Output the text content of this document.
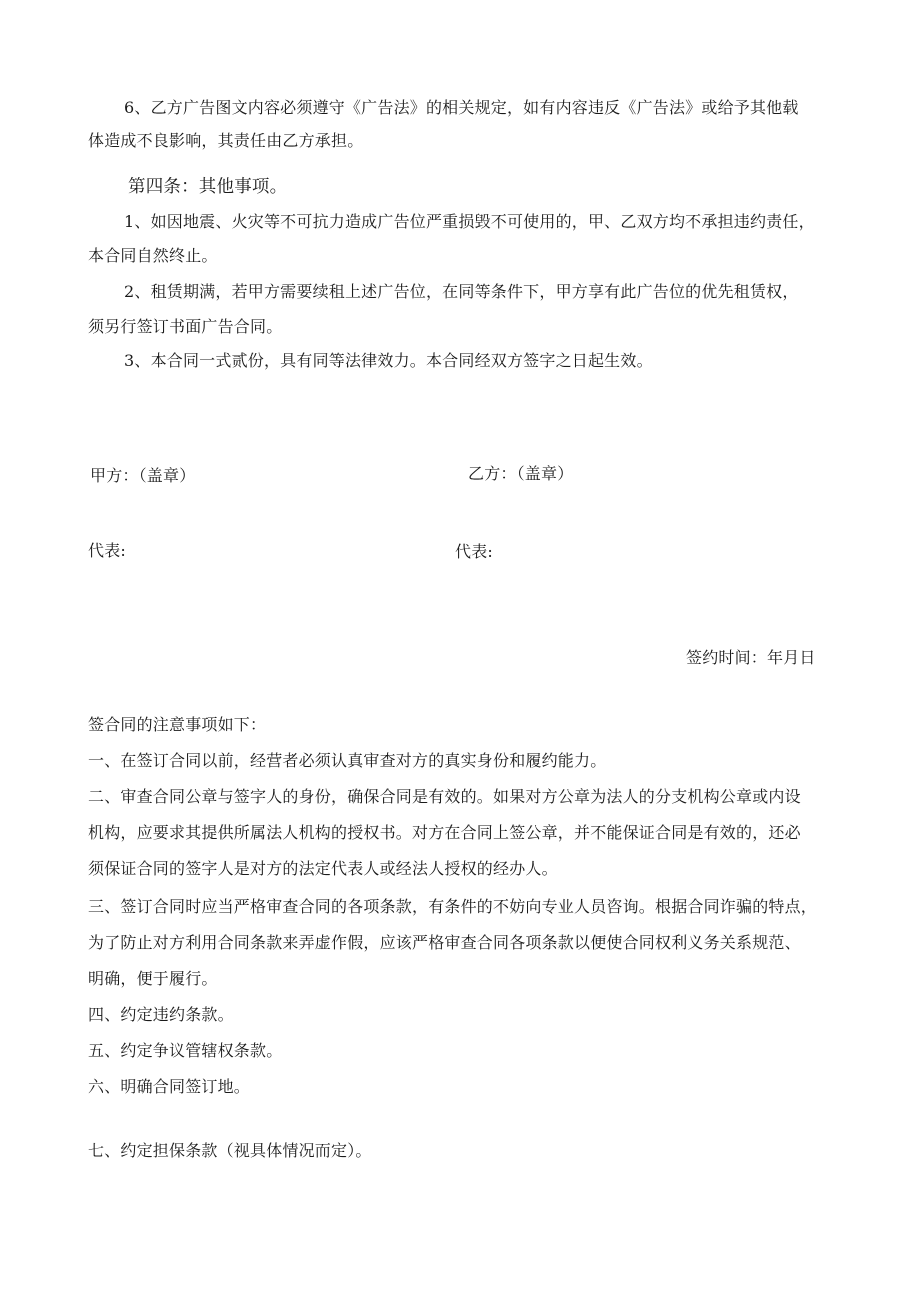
6、乙方广告图文内容必须遵守《广告法》的相关规定，如有内容违反《广告法》或给予其他载
体造成不良影响，其责任由乙方承担。
第四条：其他事项。
1、如因地震、火灾等不可抗力造成广告位严重损毁不可使用的，甲、乙双方均不承担违约责任，
本合同自然终止。
2、租赁期满，若甲方需要续租上述广告位，在同等条件下，甲方享有此广告位的优先租赁权，
须另行签订书面广告合同。
3、本合同一式贰份，具有同等法律效力。本合同经双方签字之日起生效。
甲方：（盖章）	乙方：（盖章）
代表:	代表:
签约时间：年月日
签合同的注意事项如下：
一、在签订合同以前，经营者必须认真审查对方的真实身份和履约能力。
二、审查合同公章与签字人的身份，确保合同是有效的。如果对方公章为法人的分支机构公章或内设
机构，应要求其提供所属法人机构的授权书。对方在合同上签公章，并不能保证合同是有效的，还必
须保证合同的签字人是对方的法定代表人或经法人授权的经办人。
三、签订合同时应当严格审查合同的各项条款，有条件的不妨向专业人员咨询。根据合同诈骗的特点，
为了防止对方利用合同条款来弄虚作假，应该严格审查合同各项条款以便使合同权利义务关系规范、
明确，便于履行。
四、约定违约条款。
五、约定争议管辖权条款。
六、明确合同签订地。
七、约定担保条款（视具体情况而定）。
